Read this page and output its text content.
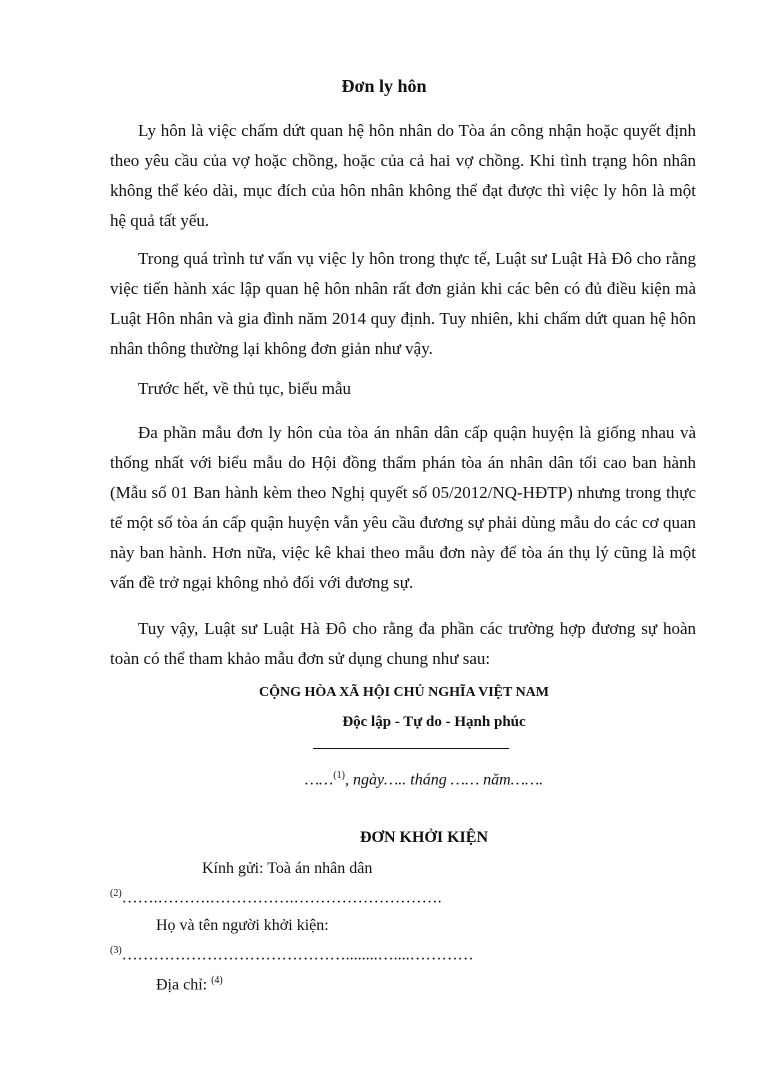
Đơn ly hôn

Ly hôn là việc chấm dứt quan hệ hôn nhân do Tòa án công nhận hoặc quyết định theo yêu cầu của vợ hoặc chồng, hoặc của cả hai vợ chồng. Khi tình trạng hôn nhân không thể kéo dài, mục đích của hôn nhân không thể đạt được thì việc ly hôn là một hệ quả tất yếu.

Trong quá trình tư vấn vụ việc ly hôn trong thực tế, Luật sư Luật Hà Đô cho rằng việc tiến hành xác lập quan hệ hôn nhân rất đơn giản khi các bên có đủ điều kiện mà Luật Hôn nhân và gia đình năm 2014 quy định. Tuy nhiên, khi chấm dứt quan hệ hôn nhân thông thường lại không đơn giản như vậy.

Trước hết, về thủ tục, biểu mẫu

Đa phần mẫu đơn ly hôn của tòa án nhân dân cấp quận huyện là giống nhau và thống nhất với biểu mẫu do Hội đồng thẩm phán tòa án nhân dân tối cao ban hành (Mẫu số 01 Ban hành kèm theo Nghị quyết số 05/2012/NQ-HĐTP) nhưng trong thực tế một số tòa án cấp quận huyện vẫn yêu cầu đương sự phải dùng mẫu do các cơ quan này ban hành. Hơn nữa, việc kê khai theo mẫu đơn này để tòa án thụ lý cũng là một vấn đề trở ngại không nhỏ đối với đương sự.

Tuy vậy, Luật sư Luật Hà Đô cho rằng đa phần các trường hợp đương sự hoàn toàn có thể tham khảo mẫu đơn sử dụng chung như sau:

CỘNG HÒA XÃ HỘI CHỦ NGHĨA VIỆT NAM
Độc lập - Tự do - Hạnh phúc
……$^{(1)}$, ngày….. tháng …… năm…….
ĐƠN KHỞI KIỆN
Kính gửi: Toà án nhân dân
$^{(2)}$…….……….…………….……………………….
Họ và tên người khởi kiện:
$^{(3)}$……………………………………........…....…………
Địa chỉ: $^{(4)}$
